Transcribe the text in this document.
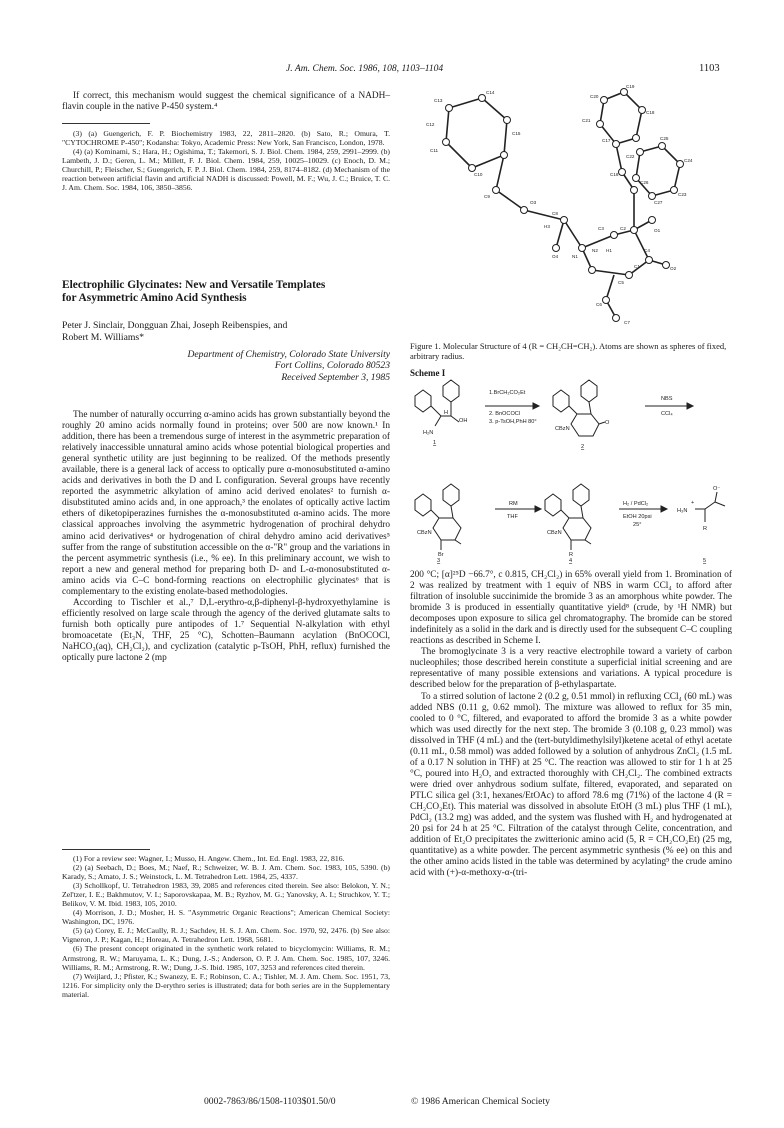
J. Am. Chem. Soc. 1986, 108, 1103–1104	1103

If correct, this mechanism would suggest the chemical significance of a NADH–flavin couple in the native P-450 system.⁴

(3) (a) Guengerich, F. P. Biochemistry 1983, 22, 2811–2820. (b) Sato, R.; Omura, T. "CYTOCHROME P-450"; Kodansha: Tokyo, Academic Press: New York, San Francisco, London, 1978.

(4) (a) Kominami, S.; Hara, H.; Ogishima, T.; Takemori, S. J. Biol. Chem. 1984, 259, 2991–2999. (b) Lambeth, J. D.; Geren, L. M.; Millett, F. J. Biol. Chem. 1984, 259, 10025–10029. (c) Enoch, D. M.; Churchill, P.; Fleischer, S.; Guengerich, F. P. J. Biol. Chem. 1984, 259, 8174–8182. (d) Mechanism of the reaction between artificial flavin and artificial NADH is discussed: Powell, M. F.; Wu, J. C.; Bruice, T. C. J. Am. Chem. Soc. 1984, 106, 3850–3856.

Electrophilic Glycinates: New and Versatile Templates
for Asymmetric Amino Acid Synthesis
Peter J. Sinclair, Dongguan Zhai, Joseph Reibenspies, and
Robert M. Williams*
Department of Chemistry, Colorado State University
Fort Collins, Colorado 80523
Received September 3, 1985

The number of naturally occurring α-amino acids has grown substantially beyond the roughly 20 amino acids normally found in proteins; over 500 are now known.¹ In addition, there has been a tremendous surge of interest in the asymmetric preparation of relatively inaccessible unnatural amino acids whose potential biological properties and general synthetic utility are just beginning to be realized. Of the methods presently available, there is a general lack of access to optically pure α-monosubstituted α-amino acids and derivatives in both the D and L configuration. Several groups have recently reported the asymmetric alkylation of amino acid derived enolates² to furnish α-disubstituted amino acids and, in one approach,³ the enolates of optically active lactim ethers of diketopiperazines furnishes the α-monosubstituted α-amino acids. The more classical approaches involving the asymmetric hydrogenation of prochiral dehydro amino acid derivatives⁴ or hydrogenation of chiral dehydro amino acid derivatives⁵ suffer from the range of substitution accessible on the α-"R" group and the variations in the percent asymmetric synthesis (i.e., % ee). In this preliminary account, we wish to report a new and general method for preparing both D- and L-α-monosubstituted α-amino acids via C–C bond-forming reactions on electrophilic glycinates⁶ that is complementary to the existing enolate-based methodologies.

According to Tischler et al.,⁷ D,L-erythro-α,β-diphenyl-β-hydroxyethylamine is efficiently resolved on large scale through the agency of the derived glutamate salts to furnish both optically pure antipodes of 1.⁷ Sequential N-alkylation with ethyl bromoacetate (Et₃N, THF, 25 °C), Schotten–Baumann acylation (BnOCOCl, NaHCO₃(aq), CH₂Cl₂), and cyclization (catalytic p-TsOH, PhH, reflux) furnished the optically pure lactone 2 (mp

(1) For a review see: Wagner, I.; Musso, H. Angew. Chem., Int. Ed. Engl. 1983, 22, 816.

(2) (a) Seebach, D.; Boes, M.; Naef, R.; Schweizer, W. B. J. Am. Chem. Soc. 1983, 105, 5390. (b) Karady, S.; Amato, J. S.; Weinstock, L. M. Tetrahedron Lett. 1984, 25, 4337.

(3) Schollkopf, U. Tetrahedron 1983, 39, 2085 and references cited therein. See also: Belokon, Y. N.; Zel'tzer, I. E.; Bakhmutov, V. I.; Saporovskapaa, M. B.; Ryzhov, M. G.; Yanovsky, A. I.; Struchkov, Y. T.; Belikov, V. M. Ibid. 1983, 105, 2010.

(4) Morrison, J. D.; Mosher, H. S. "Asymmetric Organic Reactions"; American Chemical Society: Washington, DC, 1976.

(5) (a) Corey, E. J.; McCaully, R. J.; Sachdev, H. S. J. Am. Chem. Soc. 1970, 92, 2476. (b) See also: Vigneron, J. P.; Kagan, H.; Horeau, A. Tetrahedron Lett. 1968, 5681.

(6) The present concept originated in the synthetic work related to bicyclomycin: Williams, R. M.; Armstrong, R. W.; Maruyama, L. K.; Dung, J.-S.; Anderson, O. P. J. Am. Chem. Soc. 1985, 107, 3246. Williams, R. M.; Armstrong, R. W.; Dung, J.-S. Ibid. 1985, 107, 3253 and references cited therein.

(7) Weijlard, J.; Pfister, K.; Swanezy, E. F.; Robinson, C. A.; Tishler, M. J. Am. Chem. Soc. 1951, 73, 1216. For simplicity only the D-erythro series is illustrated; data for both series are in the Supplementary material.

C13
C14
C12
C15
C11
C10
C9
O3
C8
N1
C3
O4
C7
C6
C5
C4
O1
O2
H3
H1
N2
C1
C2
C19
C20
C18
C21
C25
C24
C17
C22
C16
C23
C26
C27
Figure 1. Molecular Structure of 4 (R = CH₂CH=CH₂). Atoms are shown as spheres of fixed, arbitrary radius.
Scheme I
1.BrCH₂CO₂Et
2. BnOCOCl
3. p-TsOH,PhH 80°
NBS
CCl₄
RM
THF
H₂ / PdCl₂
EtOH 20psi
25°
1
2
3	4	5
H
OH
H₂N
CBzN
O
CBzN
Br
CBzN
R
H₃N
O⁻
R
+

200 °C; [α]²⁵D −66.7°, c 0.815, CH₂Cl₂) in 65% overall yield from 1. Bromination of 2 was realized by treatment with 1 equiv of NBS in warm CCl₄ to afford after filtration of insoluble succinimide the bromide 3 as an amorphous white powder. The bromide 3 is produced in essentially quantitative yield⁸ (crude, by ¹H NMR) but decomposes upon exposure to silica gel chromatography. The bromide can be stored indefinitely as a solid in the dark and is directly used for the subsequent C–C coupling reactions as described in Scheme I.

The bromoglycinate 3 is a very reactive electrophile toward a variety of carbon nucleophiles; those described herein constitute a superficial initial screening and are representative of many possible extensions and variations. A typical procedure is described below for the preparation of β-ethylaspartate.

To a stirred solution of lactone 2 (0.2 g, 0.51 mmol) in refluxing CCl₄ (60 mL) was added NBS (0.11 g, 0.62 mmol). The mixture was allowed to reflux for 35 min, cooled to 0 °C, filtered, and evaporated to afford the bromide 3 as a white powder which was used directly for the next step. The bromide 3 (0.108 g, 0.23 mmol) was dissolved in THF (4 mL) and the (tert-butyldimethylsilyl)ketene acetal of ethyl acetate (0.11 mL, 0.58 mmol) was added followed by a solution of anhydrous ZnCl₂ (1.5 mL of a 0.17 N solution in THF) at 25 °C. The reaction was allowed to stir for 1 h at 25 °C, poured into H₂O, and extracted thoroughly with CH₂Cl₂. The combined extracts were dried over anhydrous sodium sulfate, filtered, evaporated, and separated on PTLC silica gel (3:1, hexanes/EtOAc) to afford 78.6 mg (71%) of the lactone 4 (R = CH₂CO₂Et). This material was dissolved in absolute EtOH (3 mL) plus THF (1 mL), PdCl₂ (13.2 mg) was added, and the system was flushed with H₂ and hydrogenated at 20 psi for 24 h at 25 °C. Filtration of the catalyst through Celite, concentration, and addition of Et₂O precipitates the zwitterionic amino acid (5, R = CH₂CO₂Et) (25 mg, quantitative) as a white powder. The percent asymmetric synthesis (% ee) on this and the other amino acids listed in the table was determined by acylating⁹ the crude amino acid with (+)-α-methoxy-α-(tri-

0002-7863/86/1508-1103$01.50/0	© 1986 American Chemical Society
